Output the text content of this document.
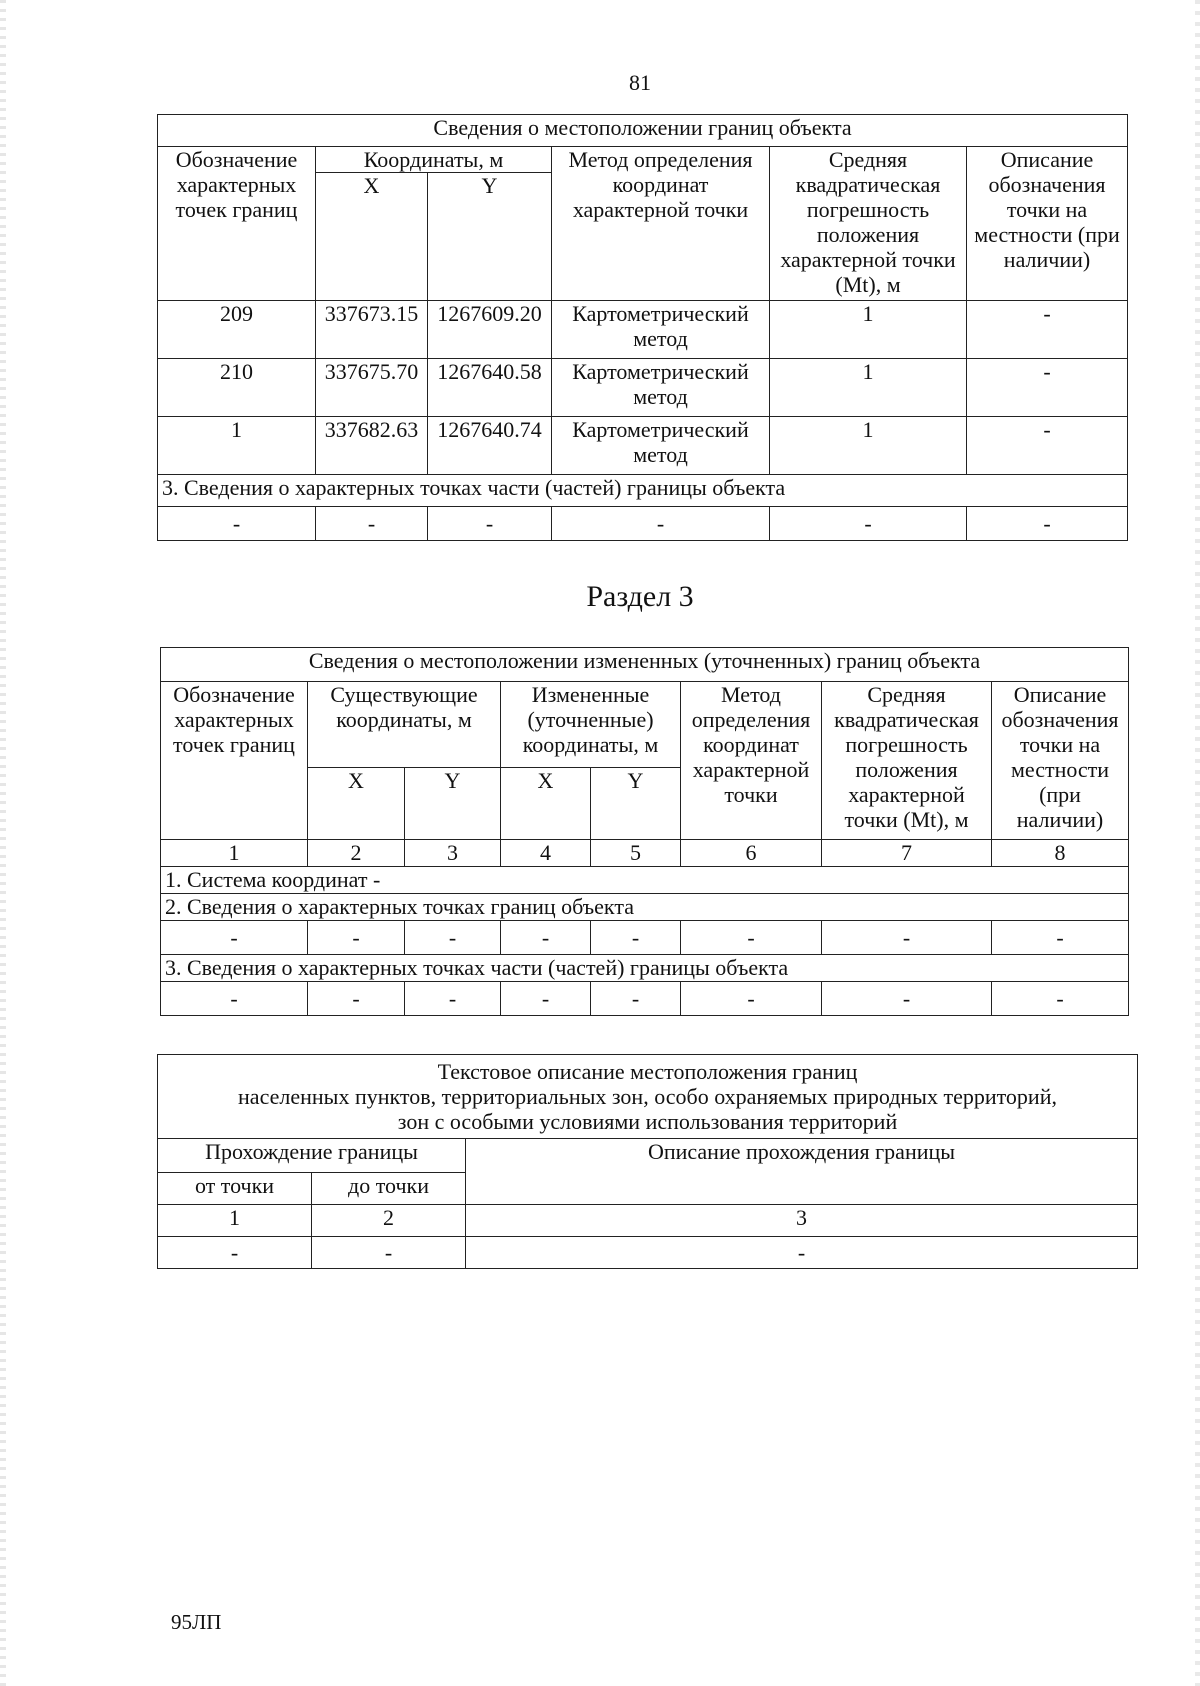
81
Сведения о местоположении границ объекта					
Обозначение характерных точек границ	Координаты, м		Метод определения координат характерной точки	Средняя квадратическая погрешность положения характерной точки (Mt), м	Описание обозначения точки на местности (при наличии)
	X	Y			
209	337673.15	1267609.20	Картометрический метод	1	-
210	337675.70	1267640.58	Картометрический метод	1	-
1	337682.63	1267640.74	Картометрический метод	1	-
3. Сведения о характерных точках части (частей) границы объекта					
-	-	-	-	-	-
Раздел 3
Сведения о местоположении измененных (уточненных) границ объекта							
Обозначение характерных точек границ	Существующие координаты, м		Измененные (уточненные) координаты, м		Метод определения координат характерной точки	Средняя квадратическая погрешность положения характерной точки (Mt), м	Описание обозначения точки на местности (при наличии)
	X	Y	X	Y			
1	2	3	4	5	6	7	8
1. Система координат -							
2. Сведения о характерных точках границ объекта							
-	-	-	-	-	-	-	-
3. Сведения о характерных точках части (частей) границы объекта							
-	-	-	-	-	-	-	-
Текстовое описание местоположения границ
населенных пунктов, территориальных зон, особо охраняемых природных территорий,
зон с особыми условиями использования территорий		

Прохождение границы		Описание прохождения границы
от точки	до точки	
1	2	3
-	-	-
95ЛП
